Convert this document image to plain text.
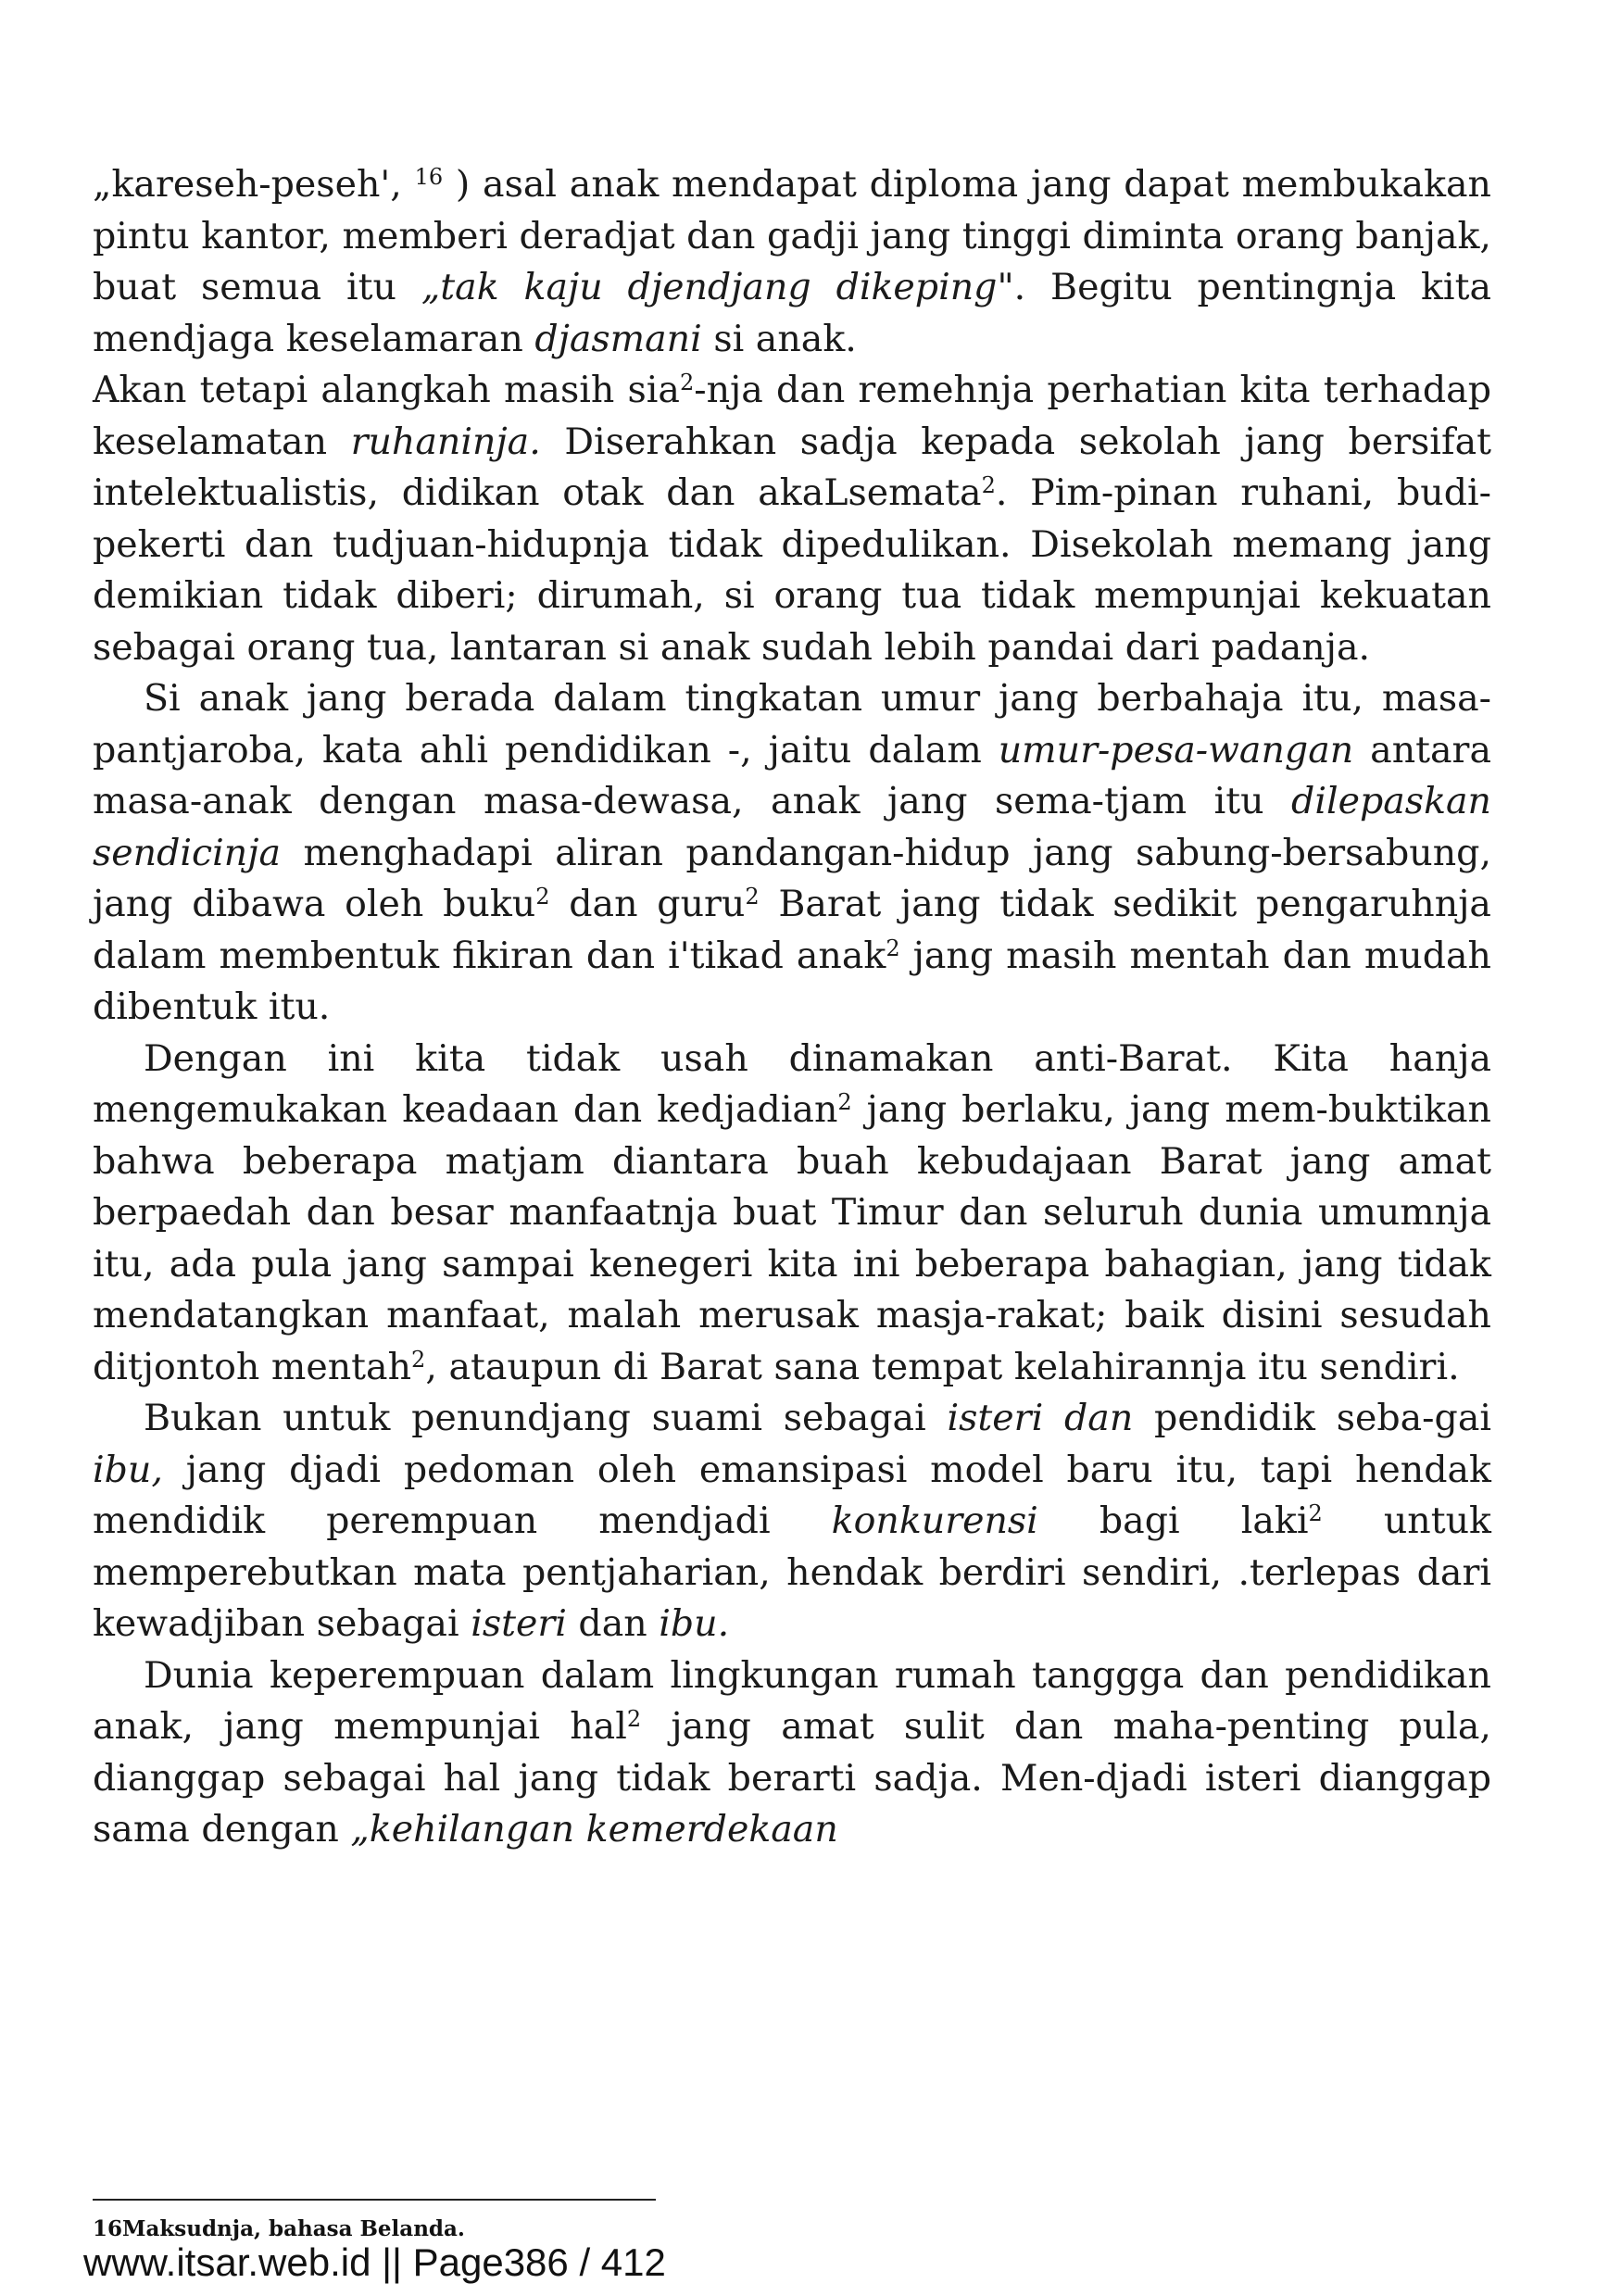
„kareseh-peseh', $^{16}$ ) asal anak mendapat diploma jang dapat membukakan pintu kantor, memberi deradjat dan gadji jang tinggi diminta orang banjak, buat semua itu „tak kaju djendjang dikeping". Begitu pentingnja kita mendjaga keselamaran djasmani si anak.

Akan tetapi alangkah masih sia$^2$-nja dan remehnja perhatian kita terhadap keselamatan ruhaninja. Diserahkan sadja kepada sekolah jang bersifat intelektualistis, didikan otak dan akaLsemata$^2$. Pim-pinan ruhani, budi-pekerti dan tudjuan-hidupnja tidak dipedulikan. Disekolah memang jang demikian tidak diberi; dirumah, si orang tua tidak mempunjai kekuatan sebagai orang tua, lantaran si anak sudah lebih pandai dari padanja.

Si anak jang berada dalam tingkatan umur jang berbahaja itu, masa-pantjaroba, kata ahli pendidikan -, jaitu dalam umur-pesa-wangan antara masa-anak dengan masa-dewasa, anak jang sema-tjam itu dilepaskan sendicinja menghadapi aliran pandangan-hidup jang sabung-bersabung, jang dibawa oleh buku$^2$ dan guru$^2$ Barat jang tidak sedikit pengaruhnja dalam membentuk fikiran dan i'tikad anak$^2$ jang masih mentah dan mudah dibentuk itu.

Dengan ini kita tidak usah dinamakan anti-Barat. Kita hanja mengemukakan keadaan dan kedjadian$^2$ jang berlaku, jang mem-buktikan bahwa beberapa matjam diantara buah kebudajaan Barat jang amat berpaedah dan besar manfaatnja buat Timur dan seluruh dunia umumnja itu, ada pula jang sampai kenegeri kita ini beberapa bahagian, jang tidak mendatangkan manfaat, malah merusak masja-rakat; baik disini sesudah ditjontoh mentah$^2$, ataupun di Barat sana tempat kelahirannja itu sendiri.

Bukan untuk penundjang suami sebagai isteri dan pendidik seba-gai ibu, jang djadi pedoman oleh emansipasi model baru itu, tapi hendak mendidik perempuan mendjadi konkurensi bagi laki$^2$ untuk memperebutkan mata pentjaharian, hendak berdiri sendiri, .terlepas dari kewadjiban sebagai isteri dan ibu.

Dunia keperempuan dalam lingkungan rumah tanggga dan pendidikan anak, jang mempunjai hal$^2$ jang amat sulit dan maha-penting pula, dianggap sebagai hal jang tidak berarti sadja. Men-djadi isteri dianggap sama dengan „kehilangan kemerdekaan

16Maksudnja, bahasa Belanda.
www.itsar.web.id || Page386 / 412
